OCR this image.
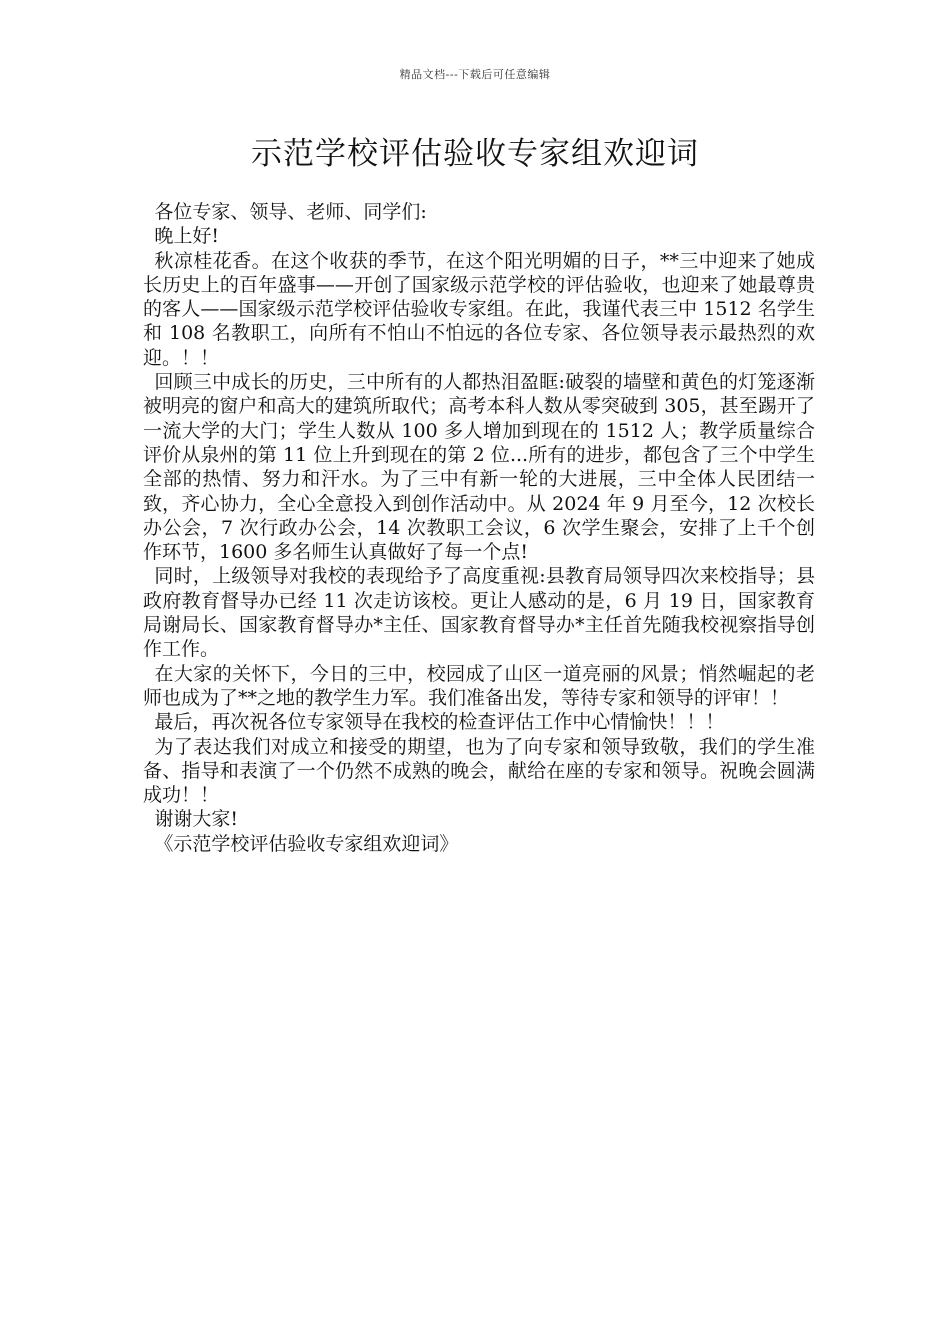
精品文档---下载后可任意编辑
示范学校评估验收专家组欢迎词

各位专家、领导、老师、同学们:

晚上好!

秋凉桂花香。在这个收获的季节，在这个阳光明媚的日子，**三中迎来了她成长历史上的百年盛事——开创了国家级示范学校的评估验收，也迎来了她最尊贵的客人——国家级示范学校评估验收专家组。在此，我谨代表三中 1512 名学生和 108 名教职工，向所有不怕山不怕远的各位专家、各位领导表示最热烈的欢迎。！！

回顾三中成长的历史，三中所有的人都热泪盈眶:破裂的墙壁和黄色的灯笼逐渐被明亮的窗户和高大的建筑所取代；高考本科人数从零突破到 305，甚至踢开了一流大学的大门；学生人数从 100 多人增加到现在的 1512 人；教学质量综合评价从泉州的第 11 位上升到现在的第 2 位...所有的进步，都包含了三个中学生全部的热情、努力和汗水。为了三中有新一轮的大进展，三中全体人民团结一致，齐心协力，全心全意投入到创作活动中。从 2024 年 9 月至今，12 次校长办公会，7 次行政办公会，14 次教职工会议，6 次学生聚会，安排了上千个创作环节，1600 多名师生认真做好了每一个点!

同时，上级领导对我校的表现给予了高度重视:县教育局领导四次来校指导；县政府教育督导办已经 11 次走访该校。更让人感动的是，6 月 19 日，国家教育局谢局长、国家教育督导办*主任、国家教育督导办*主任首先随我校视察指导创作工作。

在大家的关怀下，今日的三中，校园成了山区一道亮丽的风景；悄然崛起的老师也成为了**之地的教学生力军。我们准备出发，等待专家和领导的评审！！

最后，再次祝各位专家领导在我校的检查评估工作中心情愉快！！！

为了表达我们对成立和接受的期望，也为了向专家和领导致敬，我们的学生准备、指导和表演了一个仍然不成熟的晚会，献给在座的专家和领导。祝晚会圆满成功！！

谢谢大家!

《示范学校评估验收专家组欢迎词》
